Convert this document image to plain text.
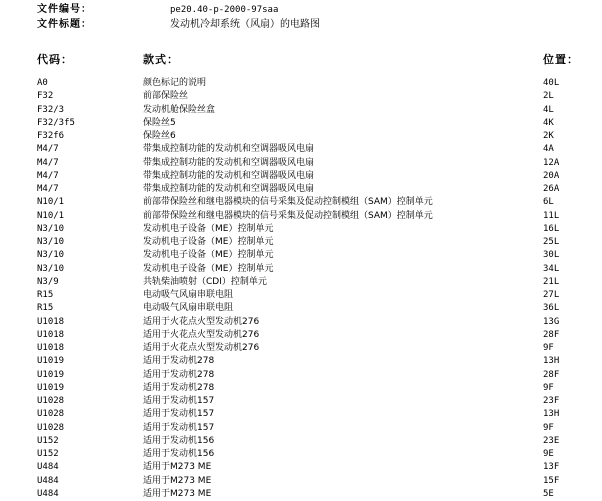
文件编号：	pe20.40-p-2000-97saa
文件标题：	发动机冷却系统（风扇）的电路图
代码：	款式：	位置：
A0	颜色标记的说明	40L
F32	前部保险丝	2L
F32/3	发动机舱保险丝盒	4L
F32/3f5	保险丝5	4K
F32f6	保险丝6	2K
M4/7	带集成控制功能的发动机和空调器吸风电扇	4A
M4/7	带集成控制功能的发动机和空调器吸风电扇	12A
M4/7	带集成控制功能的发动机和空调器吸风电扇	20A
M4/7	带集成控制功能的发动机和空调器吸风电扇	26A
N10/1	前部带保险丝和继电器模块的信号采集及促动控制模组（SAM）控制单元	6L
N10/1	前部带保险丝和继电器模块的信号采集及促动控制模组（SAM）控制单元	11L
N3/10	发动机电子设备（ME）控制单元	16L
N3/10	发动机电子设备（ME）控制单元	25L
N3/10	发动机电子设备（ME）控制单元	30L
N3/10	发动机电子设备（ME）控制单元	34L
N3/9	共轨柴油喷射（CDI）控制单元	21L
R15	电动吸气风扇串联电阻	27L
R15	电动吸气风扇串联电阻	36L
U1018	适用于火花点火型发动机276	13G
U1018	适用于火花点火型发动机276	28F
U1018	适用于火花点火型发动机276	9F
U1019	适用于发动机278	13H
U1019	适用于发动机278	28F
U1019	适用于发动机278	9F
U1028	适用于发动机157	23F
U1028	适用于发动机157	13H
U1028	适用于发动机157	9F
U152	适用于发动机156	23E
U152	适用于发动机156	9E
U484	适用于M273 ME	13F
U484	适用于M273 ME	15F
U484	适用于M273 ME	5E
